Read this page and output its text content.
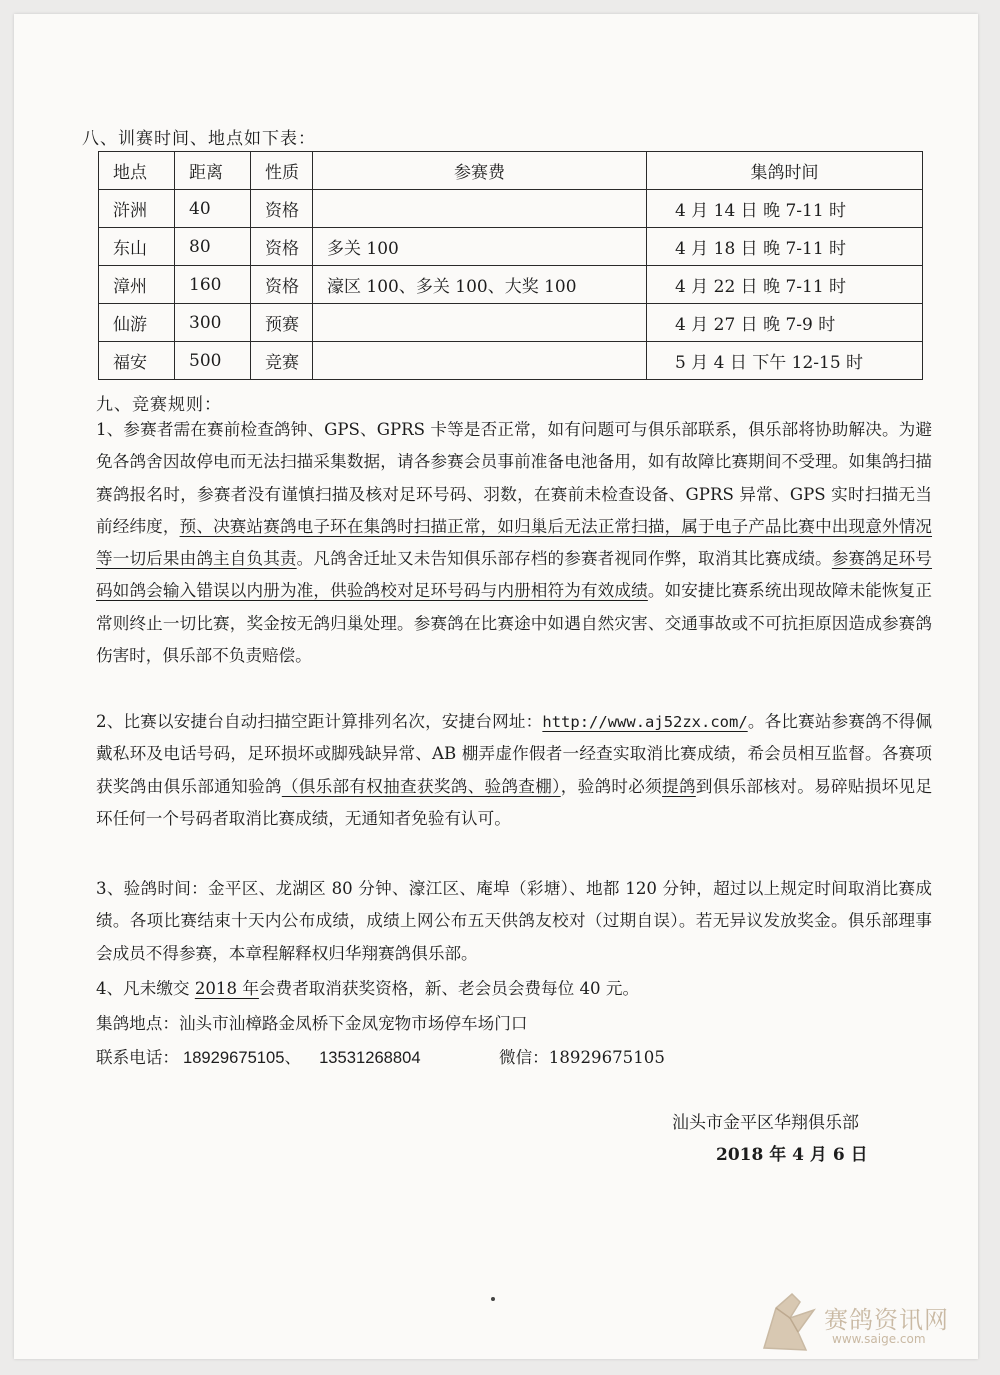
八、训赛时间、地点如下表：
地点	距离	性质	参赛费	集鸽时间
浒洲	40	资格		4 月 14 日 晚 7-11 时
东山	80	资格	多关 100	4 月 18 日 晚 7-11 时
漳州	160	资格	濠区 100、多关 100、大奖 100	4 月 22 日 晚 7-11 时
仙游	300	预赛		4 月 27 日 晚 7-9 时
福安	500	竞赛		5 月 4 日 下午 12-15 时
九、竞赛规则：
1、参赛者需在赛前检查鸽钟、GPS、GPRS 卡等是否正常，如有问题可与俱乐部联系，俱乐部将协助解决。为避免各鸽舍因故停电而无法扫描采集数据，请各参赛会员事前准备电池备用，如有故障比赛期间不受理。如集鸽扫描赛鸽报名时，参赛者没有谨慎扫描及核对足环号码、羽数，在赛前未检查设备、GPRS 异常、GPS 实时扫描无当前经纬度，预、决赛站赛鸽电子环在集鸽时扫描正常，如归巢后无法正常扫描，属于电子产品比赛中出现意外情况等一切后果由鸽主自负其责。凡鸽舍迁址又未告知俱乐部存档的参赛者视同作弊，取消其比赛成绩。参赛鸽足环号码如鸽会输入错误以内册为准，供验鸽校对足环号码与内册相符为有效成绩。如安捷比赛系统出现故障未能恢复正常则终止一切比赛，奖金按无鸽归巢处理。参赛鸽在比赛途中如遇自然灾害、交通事故或不可抗拒原因造成参赛鸽伤害时，俱乐部不负责赔偿。
2、比赛以安捷台自动扫描空距计算排列名次，安捷台网址：http://www.aj52zx.com/。各比赛站参赛鸽不得佩戴私环及电话号码，足环损坏或脚残缺异常、AB 棚弄虚作假者一经查实取消比赛成绩，希会员相互监督。各赛项获奖鸽由俱乐部通知验鸽（俱乐部有权抽查获奖鸽、验鸽查棚），验鸽时必须提鸽到俱乐部核对。易碎贴损坏见足环任何一个号码者取消比赛成绩，无通知者免验有认可。
3、验鸽时间：金平区、龙湖区 80 分钟、濠江区、庵埠（彩塘）、地都 120 分钟，超过以上规定时间取消比赛成绩。各项比赛结束十天内公布成绩，成绩上网公布五天供鸽友校对（过期自误）。若无异议发放奖金。俱乐部理事会成员不得参赛，本章程解释权归华翔赛鸽俱乐部。
4、凡未缴交 2018 年会费者取消获奖资格，新、老会员会费每位 40 元。
集鸽地点：汕头市汕樟路金凤桥下金凤宠物市场停车场门口
联系电话： 18929675105、 13531268804	微信：18929675105
汕头市金平区华翔俱乐部
2018 年 4 月 6 日
赛鸽资讯网
www.saige.com
